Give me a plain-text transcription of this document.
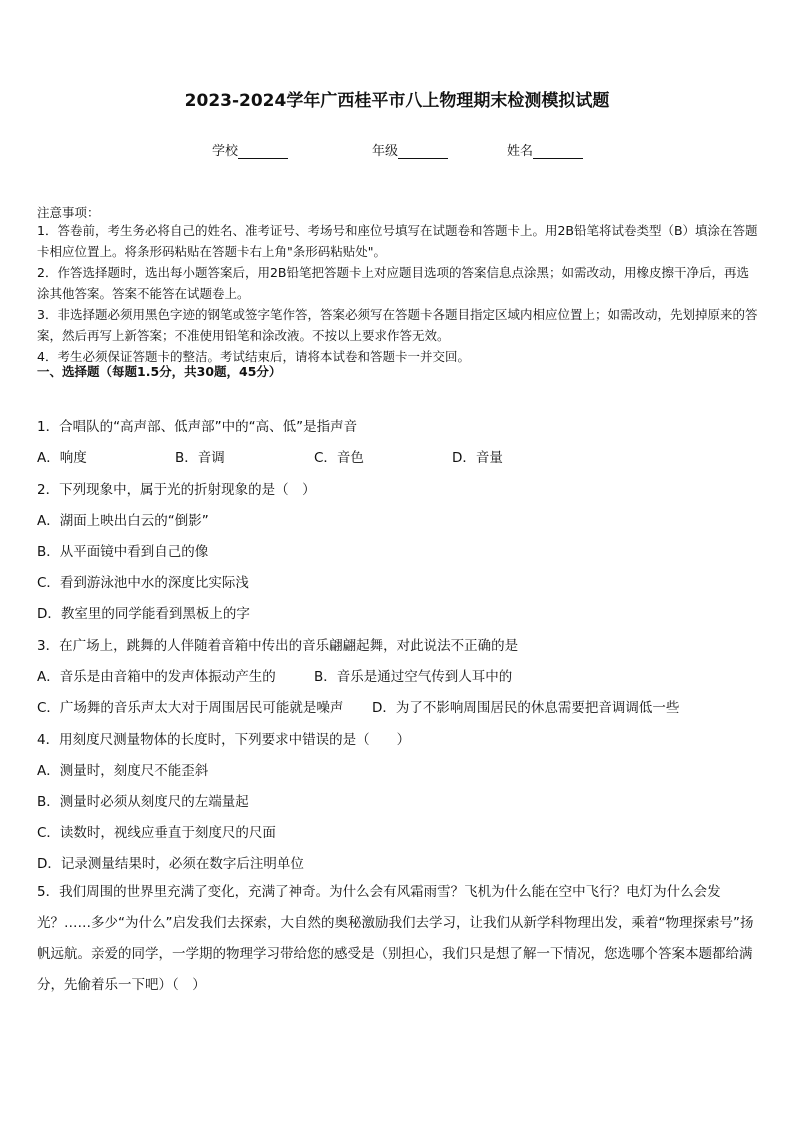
2023-2024学年广西桂平市八上物理期末检测模拟试题
学校	年级	姓名
注意事项：
1．答卷前，考生务必将自己的姓名、准考证号、考场号和座位号填写在试题卷和答题卡上。用2B铅笔将试卷类型（B）填涂在答题卡相应位置上。将条形码粘贴在答题卡右上角"条形码粘贴处"。
2．作答选择题时，选出每小题答案后，用2B铅笔把答题卡上对应题目选项的答案信息点涂黑；如需改动，用橡皮擦干净后，再选涂其他答案。答案不能答在试题卷上。
3．非选择题必须用黑色字迹的钢笔或签字笔作答，答案必须写在答题卡各题目指定区域内相应位置上；如需改动，先划掉原来的答案，然后再写上新答案；不准使用铅笔和涂改液。不按以上要求作答无效。
4．考生必须保证答题卡的整洁。考试结束后，请将本试卷和答题卡一并交回。
一、选择题（每题1.5分，共30题，45分）
1．合唱队的“高声部、低声部”中的“高、低”是指声音
A．响度	B．音调	C．音色	D．音量
2．下列现象中，属于光的折射现象的是（　）
A．湖面上映出白云的“倒影”
B．从平面镜中看到自己的像
C．看到游泳池中水的深度比实际浅
D．教室里的同学能看到黑板上的字
3．在广场上，跳舞的人伴随着音箱中传出的音乐翩翩起舞，对此说法不正确的是
A．音乐是由音箱中的发声体振动产生的	B．音乐是通过空气传到人耳中的
C．广场舞的音乐声太大对于周围居民可能就是噪声 D．为了不影响周围居民的休息需要把音调调低一些
4．用刻度尺测量物体的长度时，下列要求中错误的是（　　）
A．测量时，刻度尺不能歪斜
B．测量时必须从刻度尺的左端量起
C．读数时，视线应垂直于刻度尺的尺面
D．记录测量结果时，必须在数字后注明单位
5．我们周围的世界里充满了变化，充满了神奇。为什么会有风霜雨雪？飞机为什么能在空中飞行？电灯为什么会发光？……多少“为什么”启发我们去探索，大自然的奥秘激励我们去学习，让我们从新学科物理出发，乘着“物理探索号”扬帆远航。亲爱的同学，一学期的物理学习带给您的感受是（别担心，我们只是想了解一下情况，您选哪个答案本题都给满分，先偷着乐一下吧）（　）
